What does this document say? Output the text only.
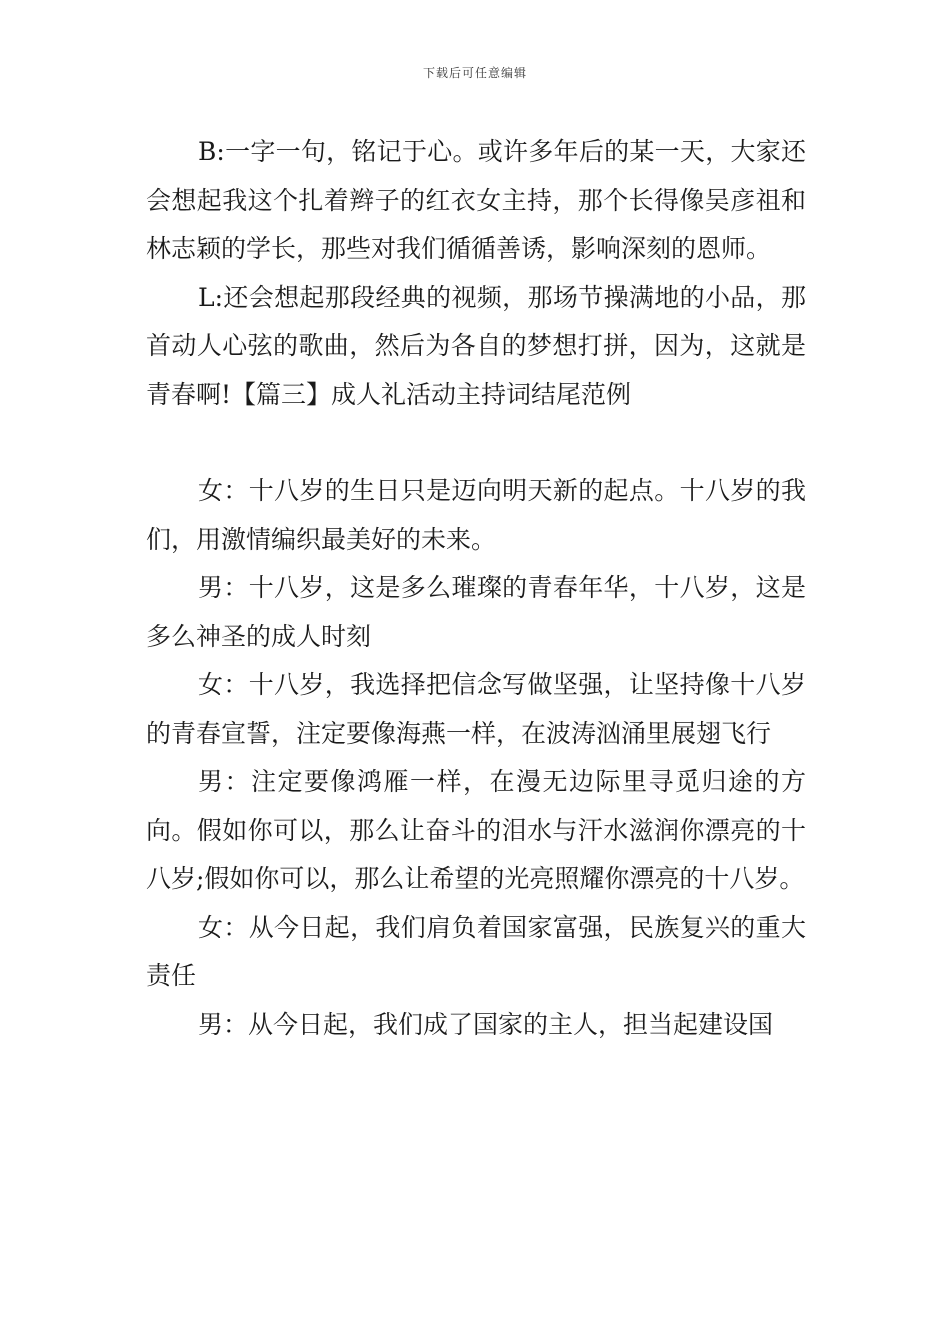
下载后可任意编辑

B:一字一句，铭记于心。或许多年后的某一天，大家还会想起我这个扎着辫子的红衣女主持，那个长得像吴彦祖和林志颖的学长，那些对我们循循善诱，影响深刻的恩师。

L:还会想起那段经典的视频，那场节操满地的小品，那首动人心弦的歌曲，然后为各自的梦想打拼，因为，这就是青春啊!【篇三】成人礼活动主持词结尾范例

女：十八岁的生日只是迈向明天新的起点。十八岁的我们，用激情编织最美好的未来。

男：十八岁，这是多么璀璨的青春年华，十八岁，这是多么神圣的成人时刻

女：十八岁，我选择把信念写做坚强，让坚持像十八岁的青春宣誓，注定要像海燕一样，在波涛汹涌里展翅飞行

男：注定要像鸿雁一样，在漫无边际里寻觅归途的方向。假如你可以，那么让奋斗的泪水与汗水滋润你漂亮的十八岁;假如你可以，那么让希望的光亮照耀你漂亮的十八岁。

女：从今日起，我们肩负着国家富强，民族复兴的重大责任

男：从今日起，我们成了国家的主人，担当起建设国
